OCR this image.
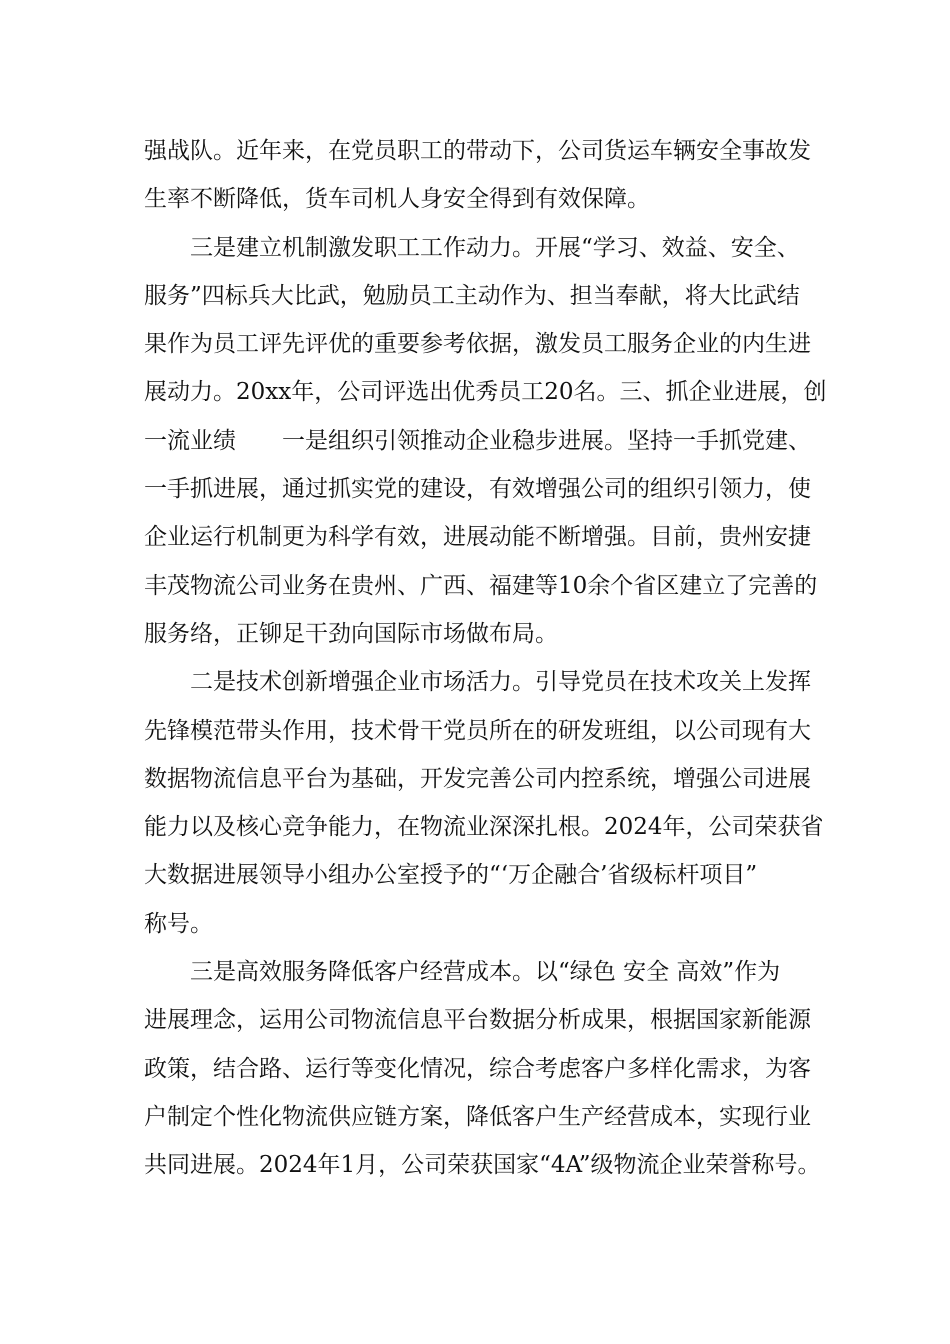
强战队。近年来，在党员职工的带动下，公司货运车辆安全事故发
生率不断降低，货车司机人身安全得到有效保障。
三是建立机制激发职工工作动力。开展“学习、效益、安全、
服务”四标兵大比武，勉励员工主动作为、担当奉献，将大比武结
果作为员工评先评优的重要参考依据，激发员工服务企业的内生进
展动力。20xx年，公司评选出优秀员工20名。三、抓企业进展，创
一流业绩 一是组织引领推动企业稳步进展。坚持一手抓党建、
一手抓进展，通过抓实党的建设，有效增强公司的组织引领力，使
企业运行机制更为科学有效，进展动能不断增强。目前，贵州安捷
丰茂物流公司业务在贵州、广西、福建等10余个省区建立了完善的
服务络，正铆足干劲向国际市场做布局。
二是技术创新增强企业市场活力。引导党员在技术攻关上发挥
先锋模范带头作用，技术骨干党员所在的研发班组，以公司现有大
数据物流信息平台为基础，开发完善公司内控系统，增强公司进展
能力以及核心竞争能力，在物流业深深扎根。2024年，公司荣获省
大数据进展领导小组办公室授予的“‘万企融合’省级标杆项目”
称号。
三是高效服务降低客户经营成本。以“绿色 安全 高效”作为
进展理念，运用公司物流信息平台数据分析成果，根据国家新能源
政策，结合路、运行等变化情况，综合考虑客户多样化需求，为客
户制定个性化物流供应链方案，降低客户生产经营成本，实现行业
共同进展。2024年1月，公司荣获国家“4A”级物流企业荣誉称号。
